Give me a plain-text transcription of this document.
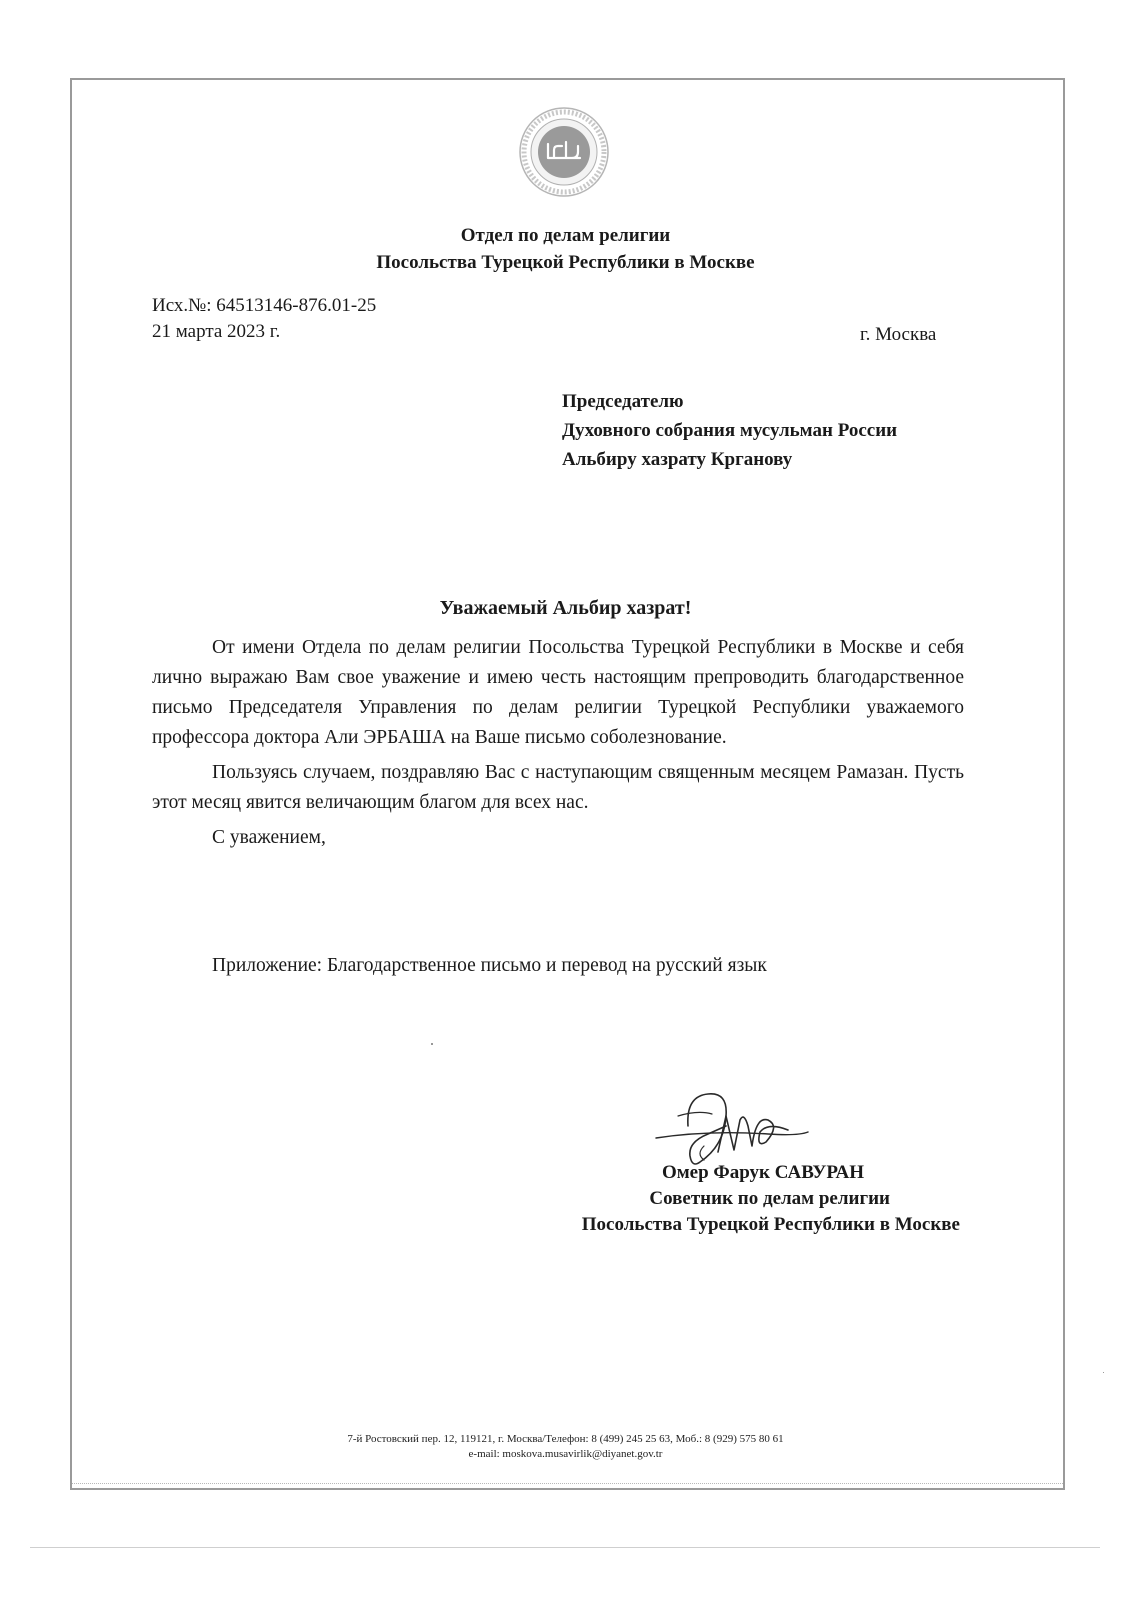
Отдел по делам религии
Посольства Турецкой Республики в Москве
Исх.№: 64513146-876.01-25
21 марта 2023 г.	г. Москва
Председателю
Духовного собрания мусульман России
Альбиру хазрату Крганову
Уважаемый Альбир хазрат!

От имени Отдела по делам религии Посольства Турецкой Республики в Москве и себя лично выражаю Вам свое уважение и имею честь настоящим препроводить благодарственное письмо Председателя Управления по делам религии Турецкой Республики уважаемого профессора доктора Али ЭРБАША на Ваше письмо соболезнование.

Пользуясь случаем, поздравляю Вас с наступающим священным месяцем Рамазан. Пусть этот месяц явится величающим благом для всех нас.

С уважением,

Приложение: Благодарственное письмо и перевод на русский язык
Омер Фарук САВУРАН
Советник по делам религии
Посольства Турецкой Республики в Москве
7-й Ростовский пер. 12, 119121, г. Москва/Телефон: 8 (499) 245 25 63, Моб.: 8 (929) 575 80 61
e-mail: moskova.musavirlik@diyanet.gov.tr
